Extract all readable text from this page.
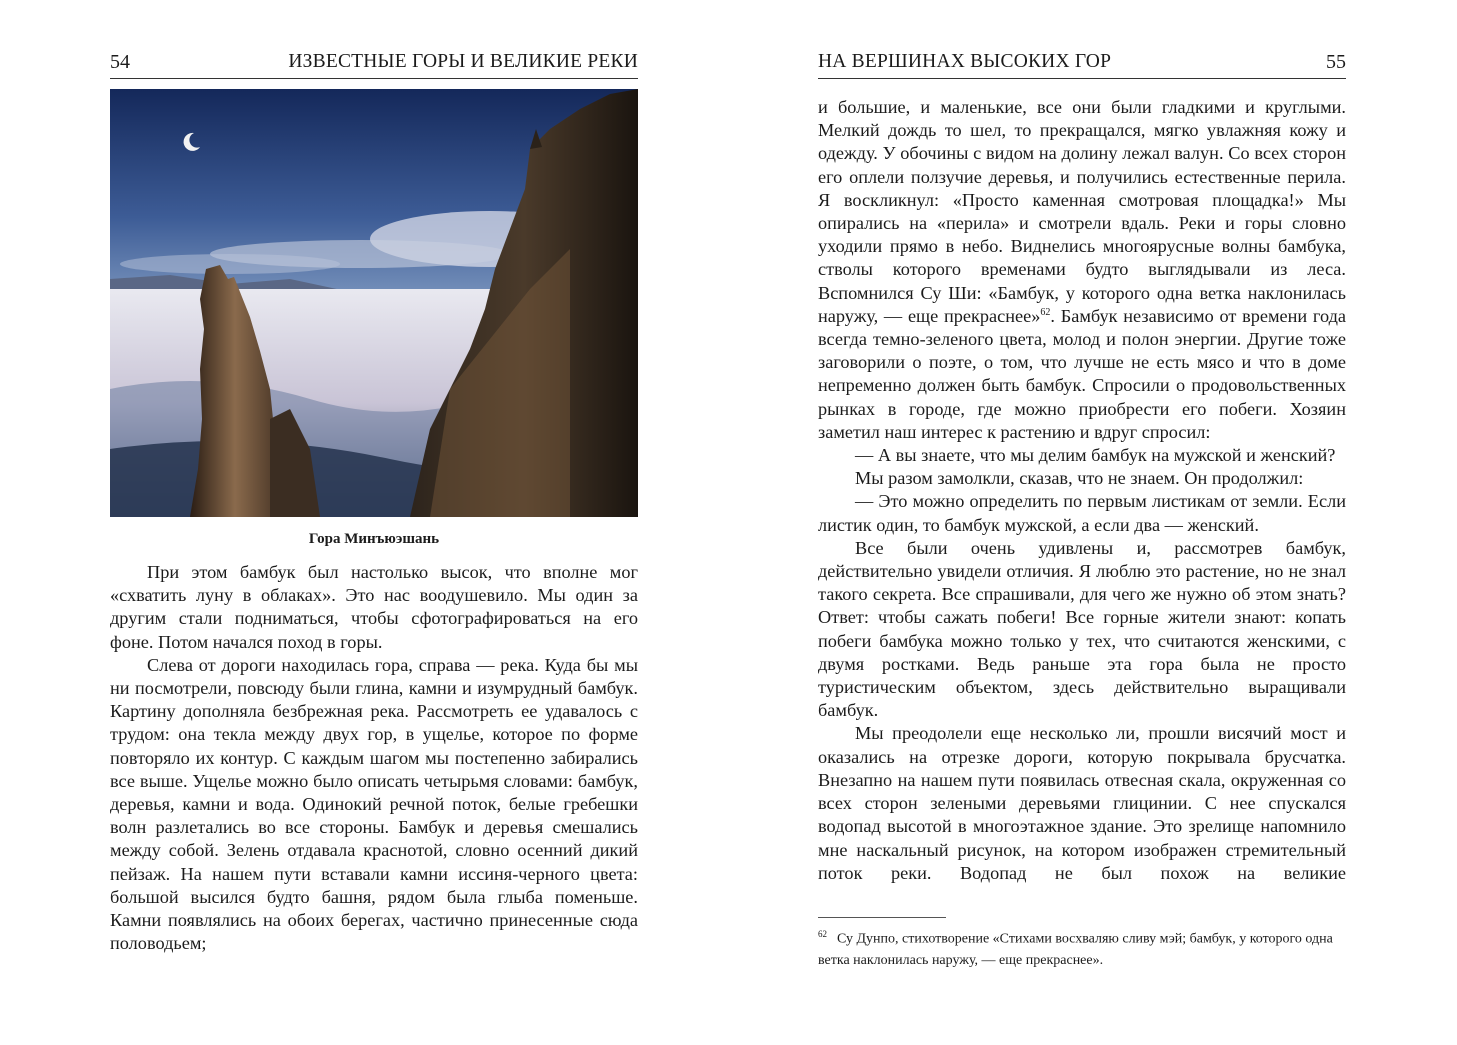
54	ИЗВЕСТНЫЕ ГОРЫ И ВЕЛИКИЕ РЕКИ
Гора Минъюэшань

При этом бамбук был настолько высок, что вполне мог «схватить луну в облаках». Это нас воодушевило. Мы один за другим стали подниматься, чтобы сфотографироваться на его фоне. Потом начался поход в горы.

Слева от дороги находилась гора, справа — река. Куда бы мы ни посмотрели, повсюду были глина, камни и изумрудный бамбук. Картину дополняла безбрежная река. Рассмотреть ее удавалось с трудом: она текла между двух гор, в ущелье, которое по форме повторяло их контур. С каждым шагом мы постепенно забирались все выше. Ущелье можно было описать четырьмя словами: бамбук, деревья, камни и вода. Одинокий речной поток, белые гребешки волн разлетались во все стороны. Бамбук и деревья смешались между собой. Зелень отдавала краснотой, словно осенний дикий пейзаж. На нашем пути вставали камни иссиня-черного цвета: большой высился будто башня, рядом была глыба поменьше. Камни появлялись на обоих берегах, частично принесенные сюда половодьем;

НА ВЕРШИНАХ ВЫСОКИХ ГОР	55

и большие, и маленькие, все они были гладкими и круглыми. Мелкий дождь то шел, то прекращался, мягко увлажняя кожу и одежду. У обочины с видом на долину лежал валун. Со всех сторон его оплели ползучие деревья, и получились естественные перила. Я воскликнул: «Просто каменная смотровая площадка!» Мы опирались на «перила» и смотрели вдаль. Реки и горы словно уходили прямо в небо. Виднелись многоярусные волны бамбука, стволы которого временами будто выглядывали из леса. Вспомнился Су Ши: «Бамбук, у которого одна ветка наклонилась наружу, — еще прекраснее»$^{62}$. Бамбук независимо от времени года всегда темно-зеленого цвета, молод и полон энергии. Другие тоже заговорили о поэте, о том, что лучше не есть мясо и что в доме непременно должен быть бамбук. Спросили о продовольственных рынках в городе, где можно приобрести его побеги. Хозяин заметил наш интерес к растению и вдруг спросил:

— А вы знаете, что мы делим бамбук на мужской и женский?

Мы разом замолкли, сказав, что не знаем. Он продолжил:

— Это можно определить по первым листикам от земли. Если листик один, то бамбук мужской, а если два — женский.

Все были очень удивлены и, рассмотрев бамбук, действительно увидели отличия. Я люблю это растение, но не знал такого секрета. Все спрашивали, для чего же нужно об этом знать? Ответ: чтобы сажать побеги! Все горные жители знают: копать побеги бамбука можно только у тех, что считаются женскими, с двумя ростками. Ведь раньше эта гора была не просто туристическим объектом, здесь действительно выращивали бамбук.

Мы преодолели еще несколько ли, прошли висячий мост и оказались на отрезке дороги, которую покрывала брусчатка. Внезапно на нашем пути появилась отвесная скала, окруженная со всех сторон зелеными деревьями глицинии. С нее спускался водопад высотой в многоэтажное здание. Это зрелище напомнило мне наскальный рисунок, на котором изображен стремительный поток реки. Водопад не был похож на великие

$^{62}$ Су Дунпо, стихотворение «Стихами восхваляю сливу мэй; бамбук, у которого одна ветка наклонилась наружу, — еще прекраснее».
